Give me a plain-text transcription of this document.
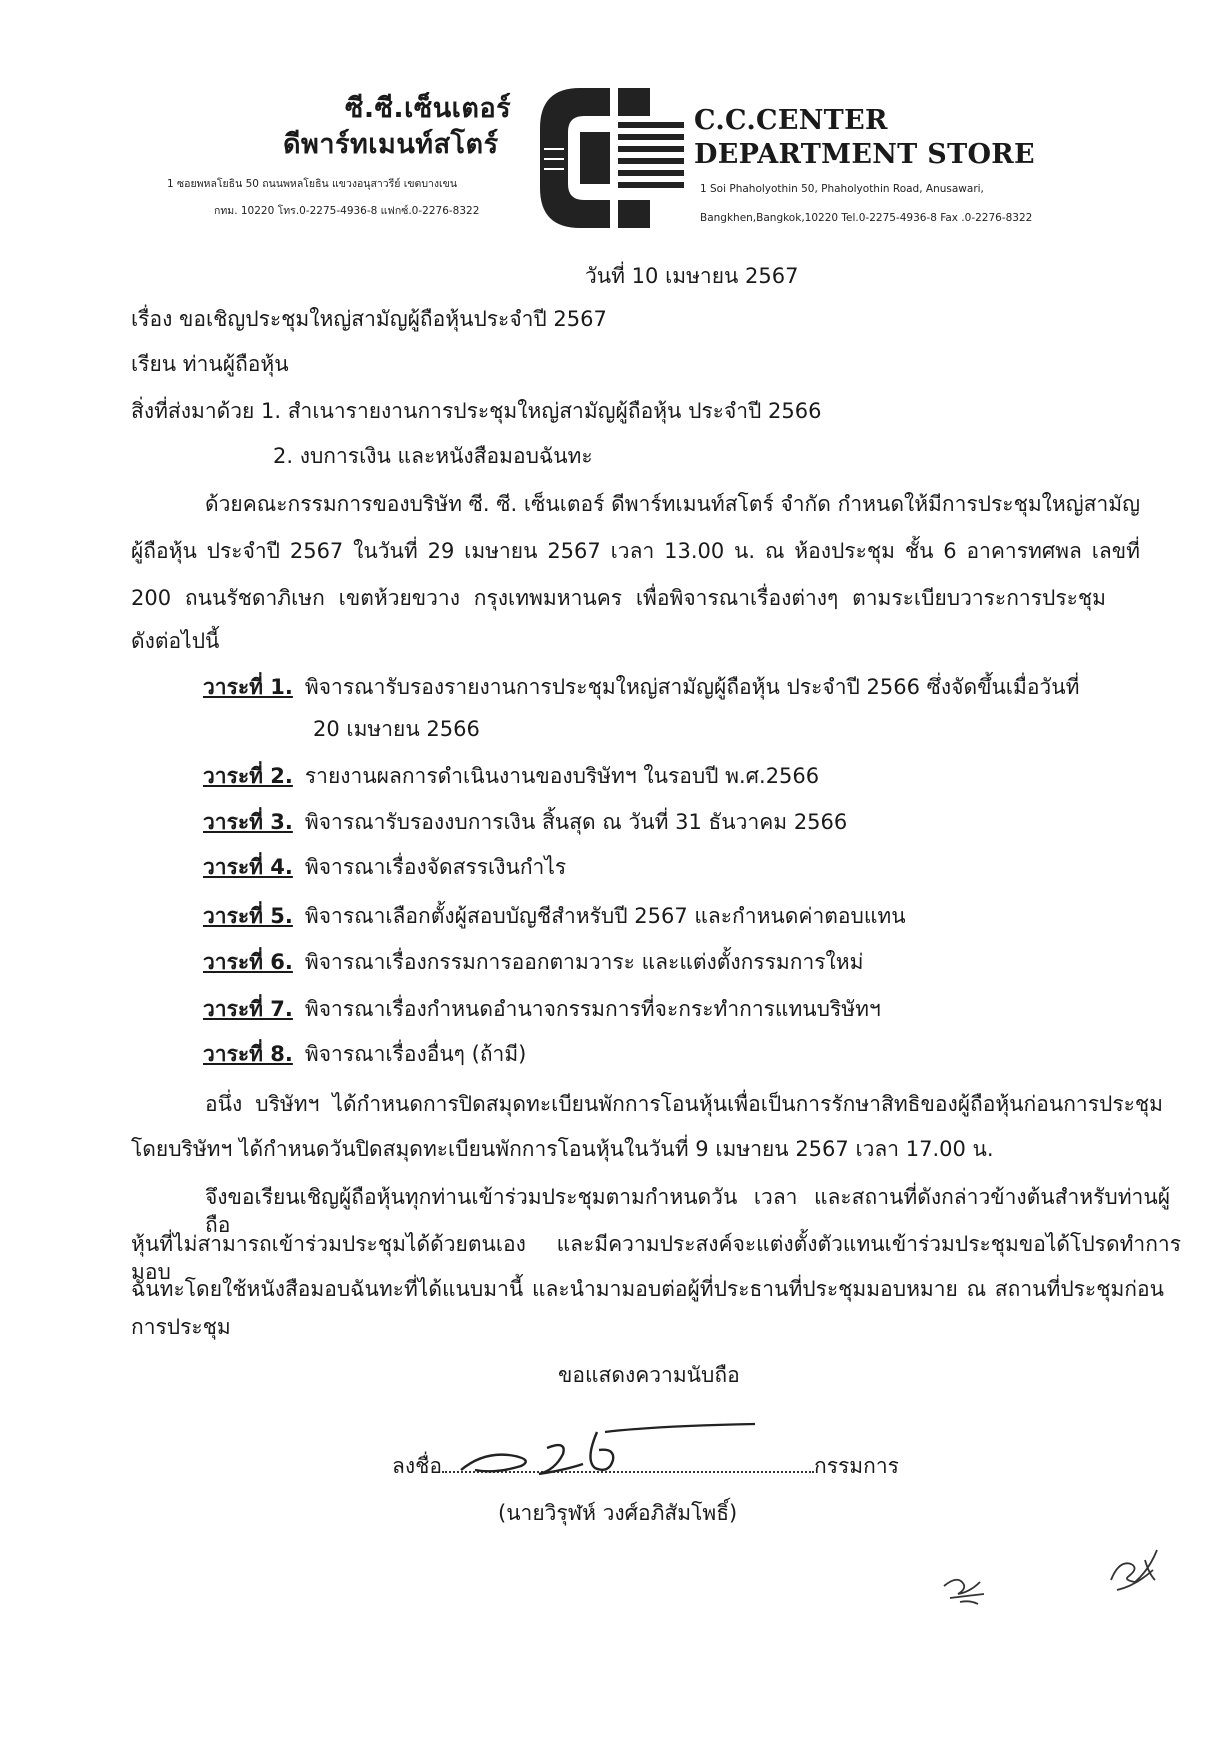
ซี.ซี.เซ็นเตอร์
ดีพาร์ทเมนท์สโตร์
1 ซอยพหลโยธิน 50 ถนนพหลโยธิน แขวงอนุสาวรีย์ เขตบางเขน
กทม. 10220 โทร.0-2275-4936-8 แฟกซ์.0-2276-8322
C.C.CENTER
DEPARTMENT STORE
1 Soi Phaholyothin 50, Phaholyothin Road, Anusawari,
Bangkhen,Bangkok,10220 Tel.0-2275-4936-8 Fax .0-2276-8322
วันที่ 10 เมษายน 2567
เรื่อง ขอเชิญประชุมใหญ่สามัญผู้ถือหุ้นประจำปี 2567
เรียน ท่านผู้ถือหุ้น
สิ่งที่ส่งมาด้วย 1. สำเนารายงานการประชุมใหญ่สามัญผู้ถือหุ้น ประจำปี 2566
2. งบการเงิน และหนังสือมอบฉันทะ
ด้วยคณะกรรมการของบริษัท ซี. ซี. เซ็นเตอร์ ดีพาร์ทเมนท์สโตร์ จำกัด กำหนดให้มีการประชุมใหญ่สามัญ
ผู้ถือหุ้น ประจำปี 2567 ในวันที่ 29 เมษายน 2567 เวลา 13.00 น. ณ ห้องประชุม ชั้น 6 อาคารทศพล เลขที่
200 ถนนรัชดาภิเษก เขตห้วยขวาง กรุงเทพมหานคร เพื่อพิจารณาเรื่องต่างๆ ตามระเบียบวาระการประชุม
ดังต่อไปนี้
วาระที่ 1. พิจารณารับรองรายงานการประชุมใหญ่สามัญผู้ถือหุ้น ประจำปี 2566 ซึ่งจัดขึ้นเมื่อวันที่
20 เมษายน 2566
วาระที่ 2. รายงานผลการดำเนินงานของบริษัทฯ ในรอบปี พ.ศ.2566
วาระที่ 3. พิจารณารับรองงบการเงิน สิ้นสุด ณ วันที่ 31 ธันวาคม 2566
วาระที่ 4. พิจารณาเรื่องจัดสรรเงินกำไร
วาระที่ 5. พิจารณาเลือกตั้งผู้สอบบัญชีสำหรับปี 2567 และกำหนดค่าตอบแทน
วาระที่ 6. พิจารณาเรื่องกรรมการออกตามวาระ และแต่งตั้งกรรมการใหม่
วาระที่ 7. พิจารณาเรื่องกำหนดอำนาจกรรมการที่จะกระทำการแทนบริษัทฯ
วาระที่ 8. พิจารณาเรื่องอื่นๆ (ถ้ามี)
อนึ่ง บริษัทฯ ได้กำหนดการปิดสมุดทะเบียนพักการโอนหุ้นเพื่อเป็นการรักษาสิทธิของผู้ถือหุ้นก่อนการประชุม
โดยบริษัทฯ ได้กำหนดวันปิดสมุดทะเบียนพักการโอนหุ้นในวันที่ 9 เมษายน 2567 เวลา 17.00 น.
จึงขอเรียนเชิญผู้ถือหุ้นทุกท่านเข้าร่วมประชุมตามกำหนดวัน เวลา และสถานที่ดังกล่าวข้างต้นสำหรับท่านผู้ถือ
หุ้นที่ไม่สามารถเข้าร่วมประชุมได้ด้วยตนเอง และมีความประสงค์จะแต่งตั้งตัวแทนเข้าร่วมประชุมขอได้โปรดทำการมอบ
ฉันทะโดยใช้หนังสือมอบฉันทะที่ได้แนบมานี้ และนำมามอบต่อผู้ที่ประธานที่ประชุมมอบหมาย ณ สถานที่ประชุมก่อน
การประชุม
ขอแสดงความนับถือ
ลงชื่อ	กรรมการ
(นายวิรุฬห์ วงศ์อภิสัมโพธิ์)
